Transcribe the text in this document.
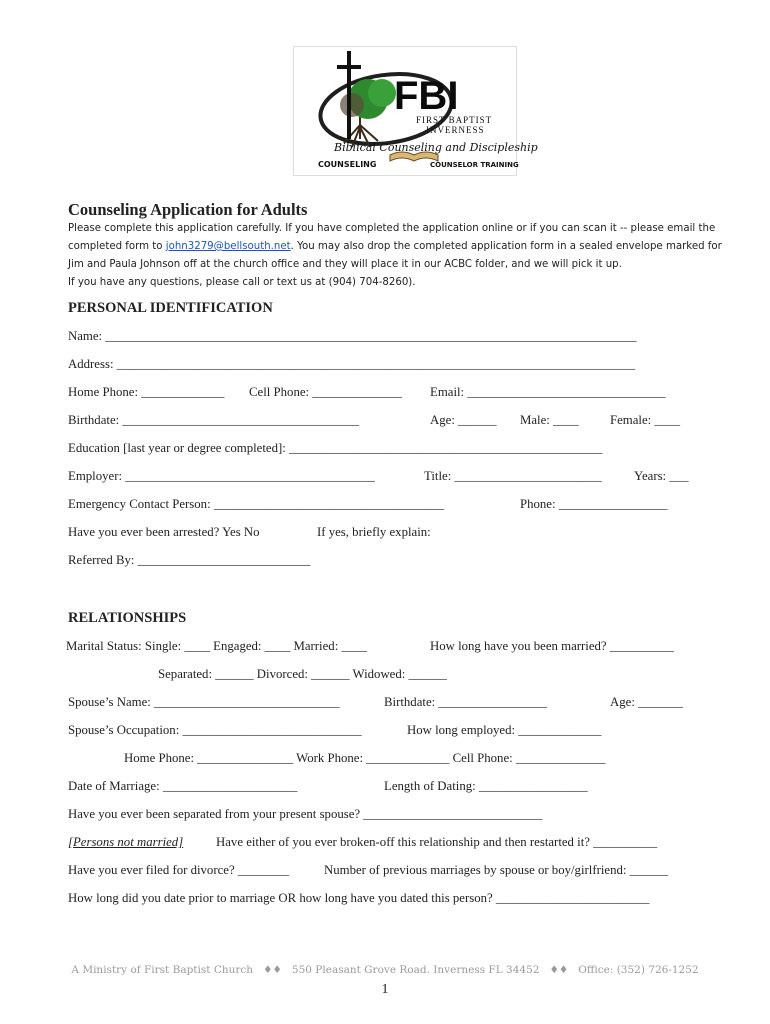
FBI
FIRST BAPTIST
INVERNESS
Biblical Counseling and Discipleship
COUNSELING	COUNSELOR TRAINING
Counseling Application for Adults

Please complete this application carefully. If you have completed the application online or if you can scan it -- please email the completed form to john3279@bellsouth.net. You may also drop the completed application form in a sealed envelope marked for Jim and Paula Johnson off at the church office and they will place it in our ACBC folder, and we will pick it up.

If you have any questions, please call or text us at (904) 704-8260).

PERSONAL IDENTIFICATION
Name: ___________________________________________________________________________________
Address: _________________________________________________________________________________
Home Phone: _____________ Cell Phone: ______________ Email: _______________________________
Birthdate: _____________________________________	Age: ______ Male: ____ Female: ____
Education [last year or degree completed]: _________________________________________________
Employer: _______________________________________	Title: _______________________	Years: ___
Emergency Contact Person: ____________________________________	Phone: _________________
Have you ever been arrested? Yes No	If yes, briefly explain:
Referred By: ___________________________
RELATIONSHIPS
Marital Status: Single: ____ Engaged: ____ Married: ____	How long have you been married? __________
Separated: ______ Divorced: ______ Widowed: ______
Spouse’s Name: _____________________________	Birthdate: _________________	Age: _______
Spouse’s Occupation: ____________________________	How long employed: _____________
Home Phone: _______________ Work Phone: _____________ Cell Phone: ______________
Date of Marriage: _____________________	Length of Dating: _________________
Have you ever been separated from your present spouse? ____________________________
[Persons not married]	Have either of you ever broken-off this relationship and then restarted it? __________
Have you ever filed for divorce? ________	Number of previous marriages by spouse or boy/girlfriend: ______
How long did you date prior to marriage OR how long have you dated this person? ________________________
A Ministry of First Baptist Church ♦♦ 550 Pleasant Grove Road. Inverness FL 34452 ♦♦ Office: (352) 726-1252
1
